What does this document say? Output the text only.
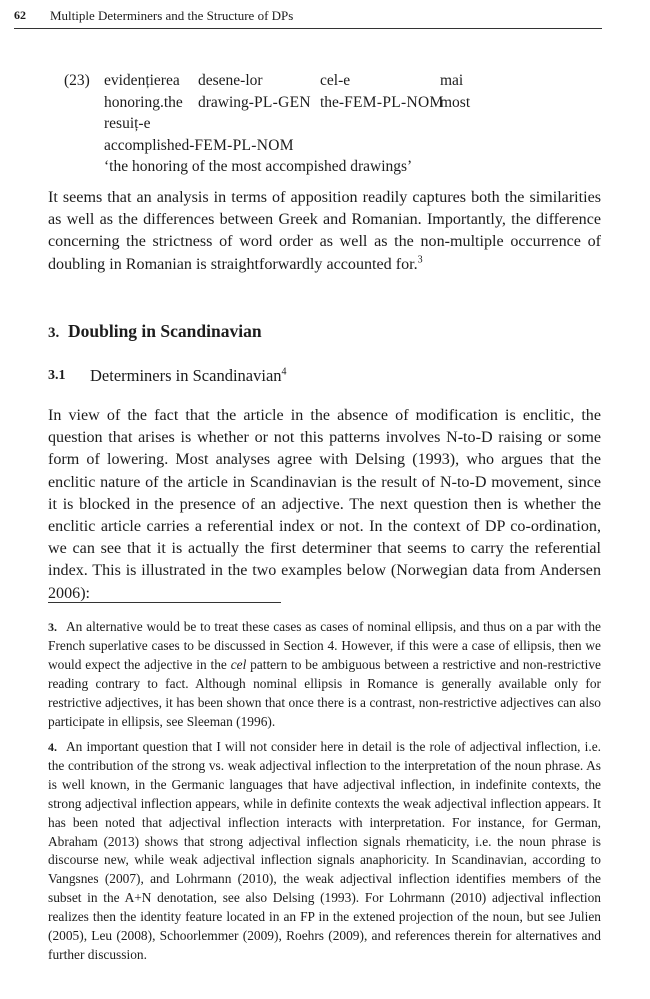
62 Multiple Determiners and the Structure of DPs
(23) evidențierea desene-lor	cel-e	mai
honoring.the drawing-PL-GEN the-FEM-PL-NOM
most
resuiț-e
accomplished-FEM-PL-NOM
‘the honoring of the most accompished drawings’

It seems that an analysis in terms of apposition readily captures both the similarities as well as the differences between Greek and Romanian. Importantly, the difference concerning the strictness of word order as well as the non-multiple occurrence of doubling in Romanian is straightforwardly accounted for.$^3$

3. Doubling in Scandinavian
3.1 Determiners in Scandinavian$^4$

In view of the fact that the article in the absence of modification is enclitic, the question that arises is whether or not this patterns involves N-to-D raising or some form of lowering. Most analyses agree with Delsing (1993), who argues that the enclitic nature of the article in Scandinavian is the result of N-to-D movement, since it is blocked in the presence of an adjective. The next question then is whether the enclitic article carries a referential index or not. In the context of DP co-ordination, we can see that it is actually the first determiner that seems to carry the referential index. This is illustrated in the two examples below (Norwegian data from Andersen 2006):

3. An alternative would be to treat these cases as cases of nominal ellipsis, and thus on a par with the French superlative cases to be discussed in Section 4. However, if this were a case of ellipsis, then we would expect the adjective in the cel pattern to be ambiguous between a restrictive and non-restrictive reading contrary to fact. Although nominal ellipsis in Romance is generally available only for restrictive adjectives, it has been shown that once there is a contrast, non-restrictive adjectives can also participate in ellipsis, see Sleeman (1996).

4. An important question that I will not consider here in detail is the role of adjectival inflection, i.e. the contribution of the strong vs. weak adjectival inflection to the interpretation of the noun phrase. As is well known, in the Germanic languages that have adjectival inflection, in indefinite contexts, the strong adjectival inflection appears, while in definite contexts the weak adjectival inflection appears. It has been noted that adjectival inflection interacts with interpretation. For instance, for German, Abraham (2013) shows that strong adjectival inflection signals rhematicity, i.e. the noun phrase is discourse new, while weak adjectival inflection signals anaphoricity. In Scandinavian, according to Vangsnes (2007), and Lohrmann (2010), the weak adjectival inflection identifies members of the subset in the A+N denotation, see also Delsing (1993). For Lohrmann (2010) adjectival inflection realizes then the identity feature located in an FP in the extened projection of the noun, but see Julien (2005), Leu (2008), Schoorlemmer (2009), Roehrs (2009), and references therein for alternatives and further discussion.
